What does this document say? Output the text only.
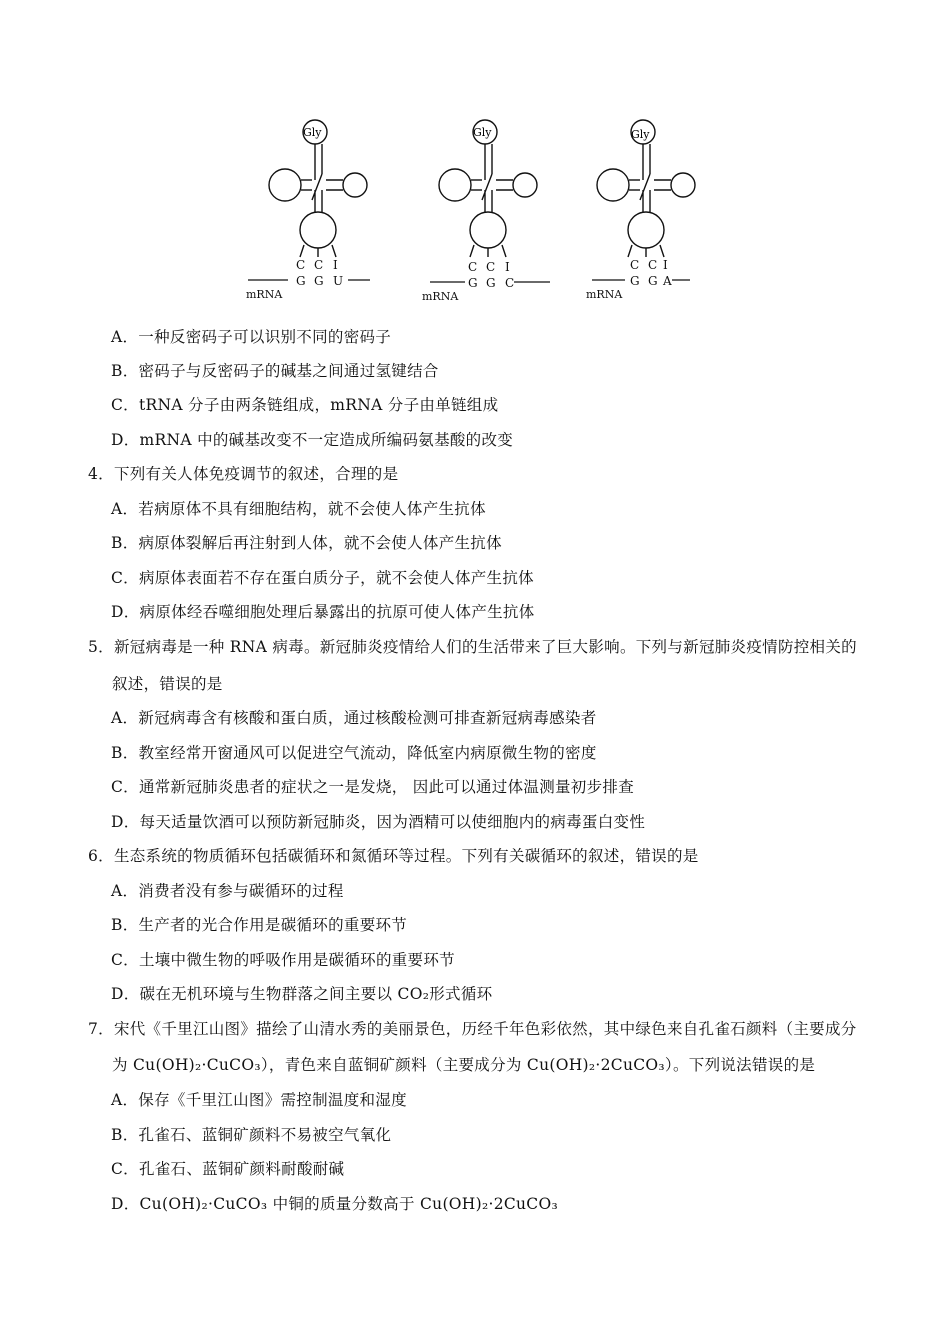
Gly	Gly	Gly
C C I
G G U
mRNA
C C I
G G C
mRNA
C C I
G G A
mRNA
A．一种反密码子可以识别不同的密码子
B．密码子与反密码子的碱基之间通过氢键结合
C．tRNA 分子由两条链组成，mRNA 分子由单链组成
D．mRNA 中的碱基改变不一定造成所编码氨基酸的改变
4．下列有关人体免疫调节的叙述，合理的是
A．若病原体不具有细胞结构，就不会使人体产生抗体
B．病原体裂解后再注射到人体，就不会使人体产生抗体
C．病原体表面若不存在蛋白质分子，就不会使人体产生抗体
D．病原体经吞噬细胞处理后暴露出的抗原可使人体产生抗体
5．新冠病毒是一种 RNA 病毒。新冠肺炎疫情给人们的生活带来了巨大影响。下列与新冠肺炎疫情防控相关的
叙述，错误的是
A．新冠病毒含有核酸和蛋白质，通过核酸检测可排查新冠病毒感染者
B．教室经常开窗通风可以促进空气流动，降低室内病原微生物的密度
C．通常新冠肺炎患者的症状之一是发烧， 因此可以通过体温测量初步排查
D．每天适量饮酒可以预防新冠肺炎，因为酒精可以使细胞内的病毒蛋白变性
6．生态系统的物质循环包括碳循环和氮循环等过程。下列有关碳循环的叙述，错误的是
A．消费者没有参与碳循环的过程
B．生产者的光合作用是碳循环的重要环节
C．土壤中微生物的呼吸作用是碳循环的重要环节
D．碳在无机环境与生物群落之间主要以 CO₂形式循环
7．宋代《千里江山图》描绘了山清水秀的美丽景色，历经千年色彩依然，其中绿色来自孔雀石颜料（主要成分
为 Cu(OH)₂·CuCO₃），青色来自蓝铜矿颜料（主要成分为 Cu(OH)₂·2CuCO₃）。下列说法错误的是
A．保存《千里江山图》需控制温度和湿度
B．孔雀石、蓝铜矿颜料不易被空气氧化
C．孔雀石、蓝铜矿颜料耐酸耐碱
D．Cu(OH)₂·CuCO₃ 中铜的质量分数高于 Cu(OH)₂·2CuCO₃
